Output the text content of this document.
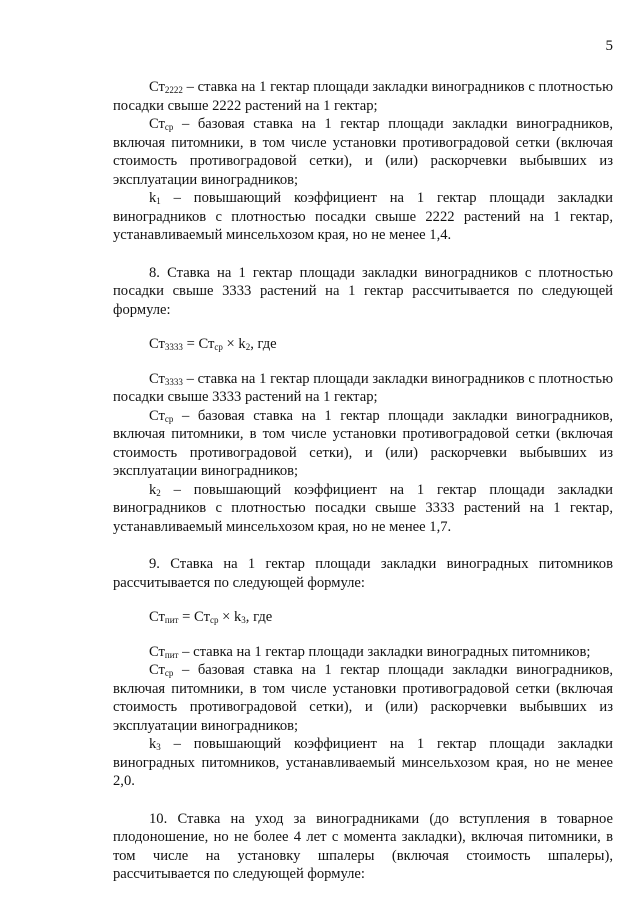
5

$Ст_{2222}$ – ставка на 1 гектар площади закладки виноградников с плотностью посадки свыше 2222 растений на 1 гектар;

$Ст_{ср}$ – базовая ставка на 1 гектар площади закладки виноградников, включая питомники, в том числе установки противоградовой сетки (включая стоимость противоградовой сетки), и (или) раскорчевки выбывших из эксплуатации виноградников;

$k_1$ – повышающий коэффициент на 1 гектар площади закладки виноградников с плотностью посадки свыше 2222 растений на 1 гектар, устанавливаемый минсельхозом края, но не менее 1,4.

8. Ставка на 1 гектар площади закладки виноградников с плотностью посадки свыше 3333 растений на 1 гектар рассчитывается по следующей формуле:

$Ст_{3333} = Ст_{ср} \times k_2$, где

$Ст_{3333}$ – ставка на 1 гектар площади закладки виноградников с плотностью посадки свыше 3333 растений на 1 гектар;

$Ст_{ср}$ – базовая ставка на 1 гектар площади закладки виноградников, включая питомники, в том числе установки противоградовой сетки (включая стоимость противоградовой сетки), и (или) раскорчевки выбывших из эксплуатации виноградников;

$k_2$ – повышающий коэффициент на 1 гектар площади закладки виноградников с плотностью посадки свыше 3333 растений на 1 гектар, устанавливаемый минсельхозом края, но не менее 1,7.

9. Ставка на 1 гектар площади закладки виноградных питомников рассчитывается по следующей формуле:

$Ст_{пит} = Ст_{ср} \times k_3$, где

$Ст_{пит}$ – ставка на 1 гектар площади закладки виноградных питомников;

$Ст_{ср}$ – базовая ставка на 1 гектар площади закладки виноградников, включая питомники, в том числе установки противоградовой сетки (включая стоимость противоградовой сетки), и (или) раскорчевки выбывших из эксплуатации виноградников;

$k_3$ – повышающий коэффициент на 1 гектар площади закладки виноградных питомников, устанавливаемый минсельхозом края, но не менее 2,0.

10. Ставка на уход за виноградниками (до вступления в товарное плодоношение, но не более 4 лет с момента закладки), включая питомники, в том числе на установку шпалеры (включая стоимость шпалеры), рассчитывается по следующей формуле:
